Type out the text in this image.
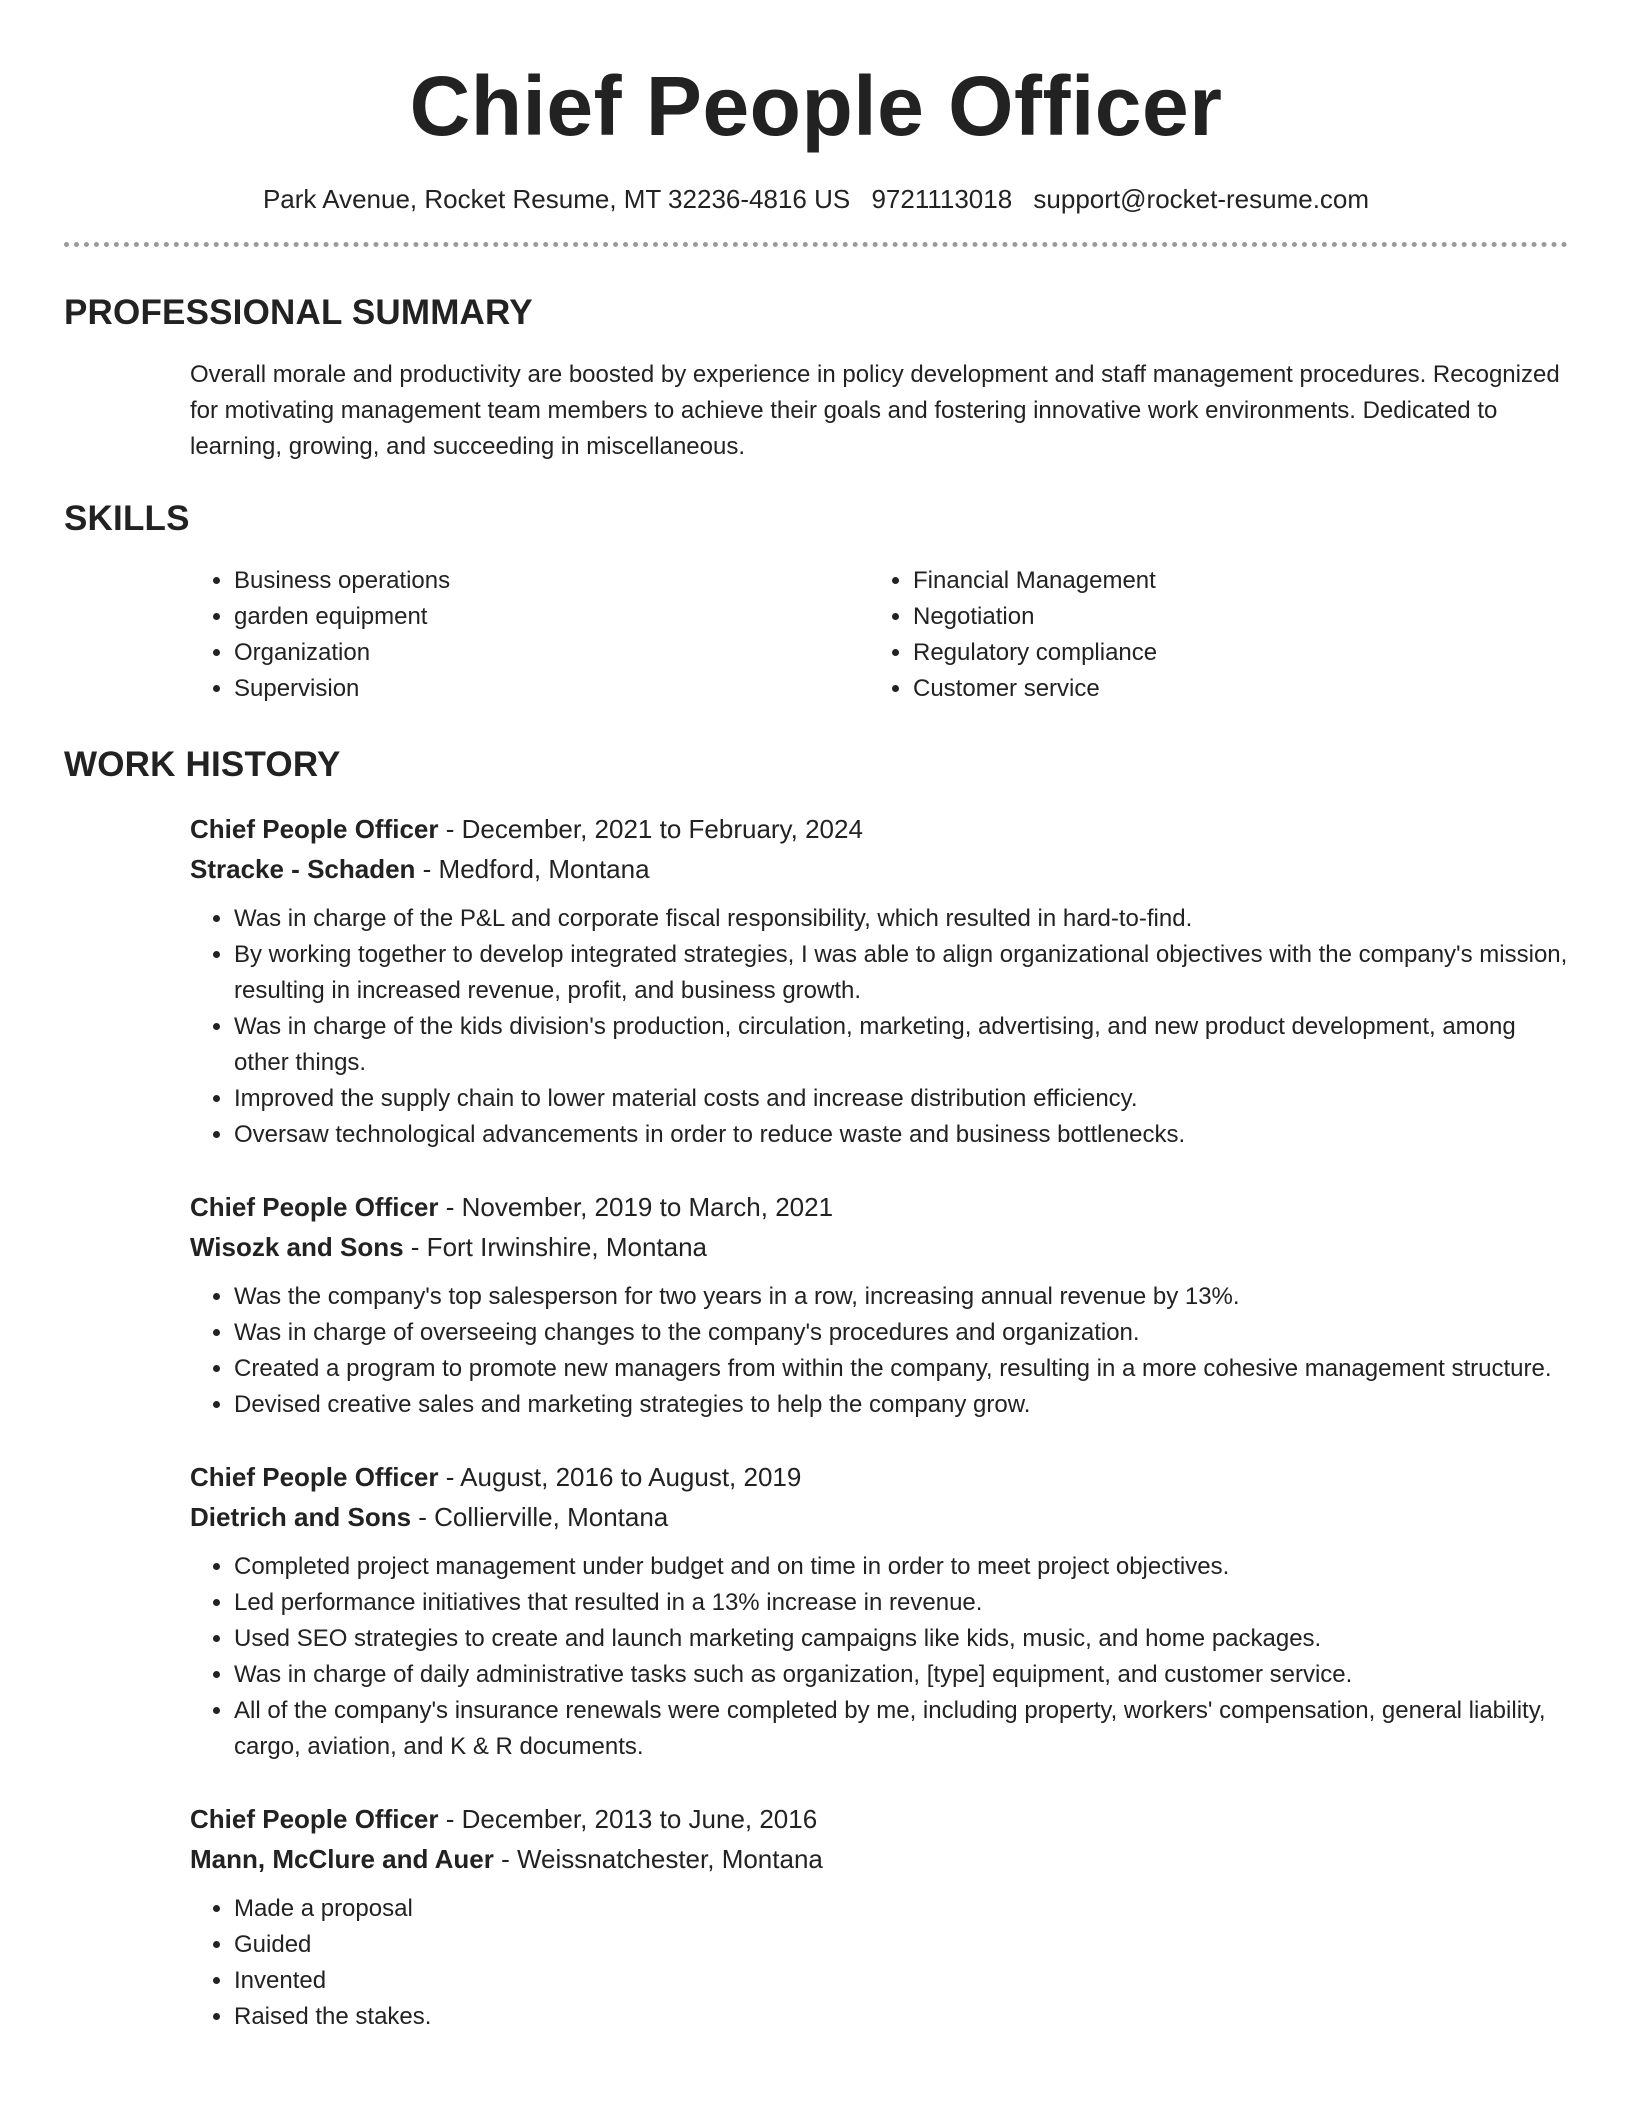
Chief People Officer
Park Avenue, Rocket Resume, MT 32236-4816 US 9721113018 support@rocket-resume.com
PROFESSIONAL SUMMARY
Overall morale and productivity are boosted by experience in policy development and staff management procedures. Recognized for motivating management team members to achieve their goals and fostering innovative work environments. Dedicated to learning, growing, and succeeding in miscellaneous.
SKILLS
• Business operations
• garden equipment
• Organization
• Supervision
• Financial Management
• Negotiation
• Regulatory compliance
• Customer service
WORK HISTORY
Chief People Officer - December, 2021 to February, 2024
Stracke - Schaden - Medford, Montana
• Was in charge of the P&L and corporate fiscal responsibility, which resulted in hard-to-find.
• By working together to develop integrated strategies, I was able to align organizational objectives with the company's mission, resulting in increased revenue, profit, and business growth.
• Was in charge of the kids division's production, circulation, marketing, advertising, and new product development, among other things.
• Improved the supply chain to lower material costs and increase distribution efficiency.
• Oversaw technological advancements in order to reduce waste and business bottlenecks.
Chief People Officer - November, 2019 to March, 2021
Wisozk and Sons - Fort Irwinshire, Montana
• Was the company's top salesperson for two years in a row, increasing annual revenue by 13%.
• Was in charge of overseeing changes to the company's procedures and organization.
• Created a program to promote new managers from within the company, resulting in a more cohesive management structure.
• Devised creative sales and marketing strategies to help the company grow.
Chief People Officer - August, 2016 to August, 2019
Dietrich and Sons - Collierville, Montana
• Completed project management under budget and on time in order to meet project objectives.
• Led performance initiatives that resulted in a 13% increase in revenue.
• Used SEO strategies to create and launch marketing campaigns like kids, music, and home packages.
• Was in charge of daily administrative tasks such as organization, [type] equipment, and customer service.
• All of the company's insurance renewals were completed by me, including property, workers' compensation, general liability, cargo, aviation, and K & R documents.
Chief People Officer - December, 2013 to June, 2016
Mann, McClure and Auer - Weissnatchester, Montana
• Made a proposal
• Guided
• Invented
• Raised the stakes.
